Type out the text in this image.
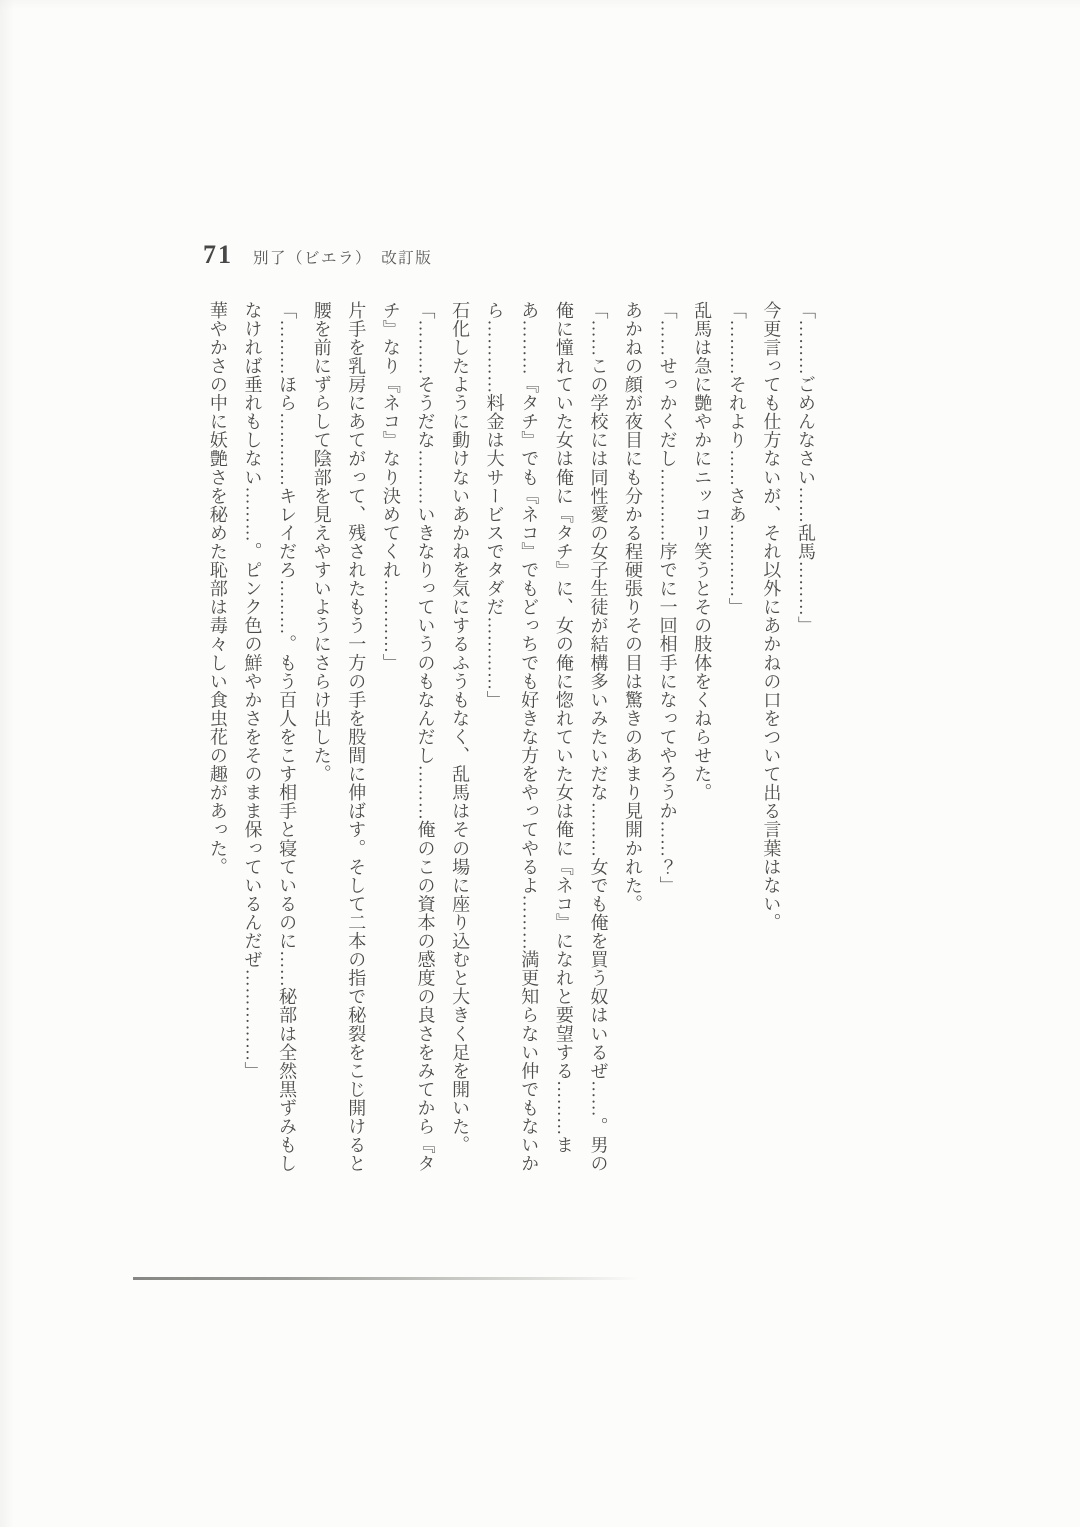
71 別了（ビエラ）　改訂版

「………ごめんなさい……乱馬………」

今更言っても仕方ないが、それ以外にあかねの口をついて出る言葉はない。

「………それより……さあ…………」

乱馬は急に艶やかにニッコリ笑うとその肢体をくねらせた。

「……せっかくだし…………序でに一回相手になってやろうか……？」

あかねの顔が夜目にも分かる程硬張りその目は驚きのあまり見開かれた。

「……この学校には同性愛の女子生徒が結構多いみたいだな………女でも俺を買う奴はいるぜ……。男の俺に憧れていた女は俺に『タチ』に、女の俺に惚れていた女は俺に『ネコ』になれと要望する………まあ………『タチ』でも『ネコ』でもどっちでも好きな方をやってやるよ………満更知らない仲でもないから…………料金は大サービスでタダだ…………」

石化したように動けないあかねを気にするふうもなく、乱馬はその場に座り込むと大きく足を開いた。

「………そうだな………いきなりっていうのもなんだし………俺のこの資本の感度の良さをみてから『タチ』なり『ネコ』なり決めてくれ…………」

片手を乳房にあてがって、残されたもう一方の手を股間に伸ばす。そして二本の指で秘裂をこじ開けると腰を前にずらして陰部を見えやすいようにさらけ出した。

「………ほら…………キレイだろ………。もう百人をこす相手と寝ているのに……秘部は全然黒ずみもしなければ垂れもしない………。ピンク色の鮮やかさをそのまま保っているんだぜ……………」

華やかさの中に妖艶さを秘めた恥部は毒々しい食虫花の趣があった。
